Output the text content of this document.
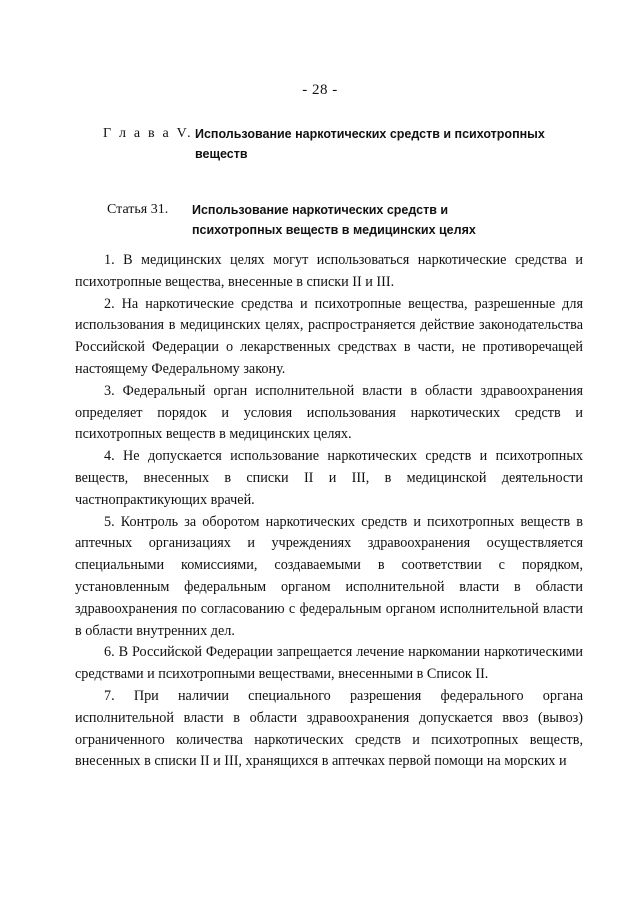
- 28 -
Г л а в а V. Использование наркотических средств и психотропных веществ
Статья 31.	Использование наркотических средств и психотропных веществ в медицинских целях

1. В медицинских целях могут использоваться наркотические средства и психотропные вещества, внесенные в списки II и III.

2. На наркотические средства и психотропные вещества, разрешенные для использования в медицинских целях, распространяется действие законодательства Российской Федерации о лекарственных средствах в части, не противоречащей настоящему Федеральному закону.

3. Федеральный орган исполнительной власти в области здравоохранения определяет порядок и условия использования наркотических средств и психотропных веществ в медицинских целях.

4. Не допускается использование наркотических средств и психотропных веществ, внесенных в списки II и III, в медицинской деятельности частнопрактикующих врачей.

5. Контроль за оборотом наркотических средств и психотропных веществ в аптечных организациях и учреждениях здравоохранения осуществляется специальными комиссиями, создаваемыми в соответствии с порядком, установленным федеральным органом исполнительной власти в области здравоохранения по согласованию с федеральным органом исполнительной власти в области внутренних дел.

6. В Российской Федерации запрещается лечение наркомании наркотическими средствами и психотропными веществами, внесенными в Список II.

7. При наличии специального разрешения федерального органа исполнительной власти в области здравоохранения допускается ввоз (вывоз) ограниченного количества наркотических средств и психотропных веществ, внесенных в списки II и III, хранящихся в аптечках первой помощи на морских и
